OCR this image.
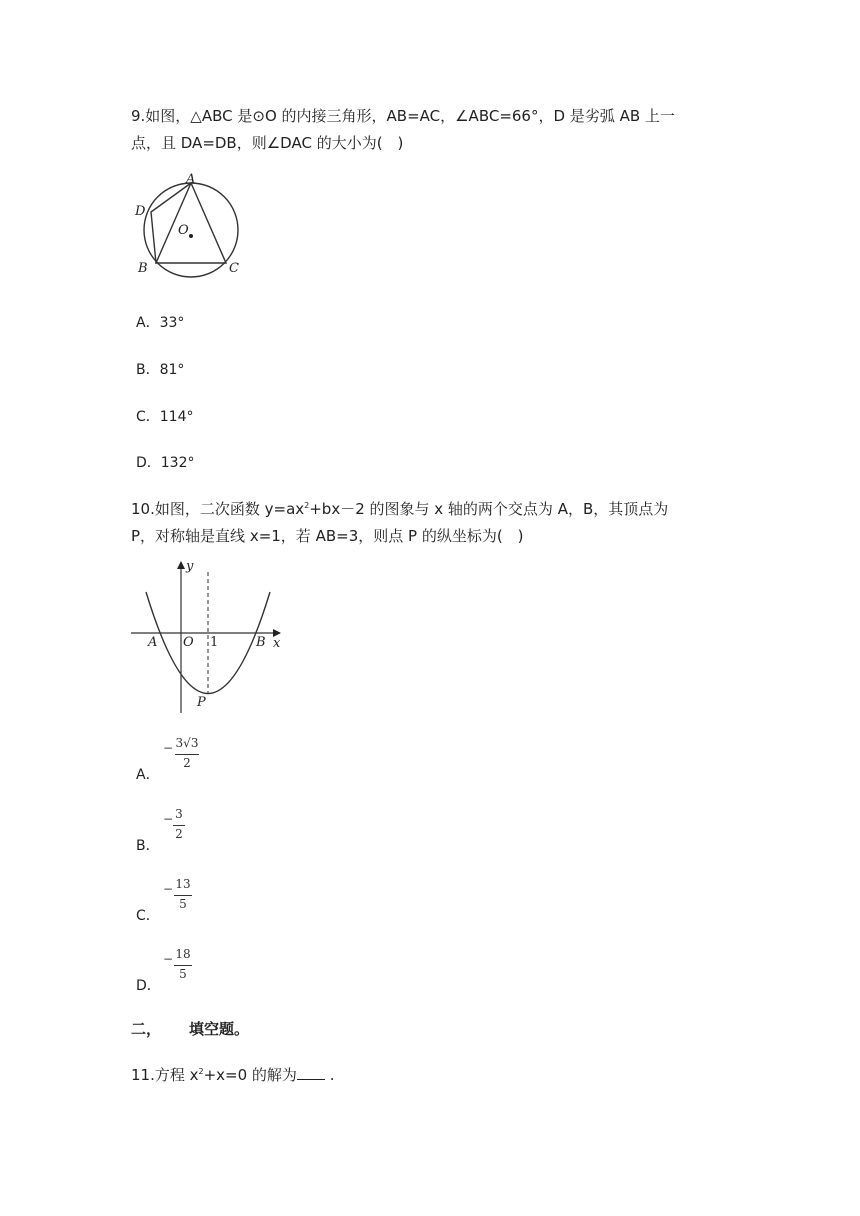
9.如图，△ABC 是⊙O 的内接三角形，AB=AC，∠ABC=66°，D 是劣弧 AB 上一
点，且 DA=DB，则∠DAC 的大小为(　)
A
D
O
B	C
A．33°
B．81°
C．114°
D．132°
10.如图，二次函数 $y=ax^2+bx-2$ 的图象与 x 轴的两个交点为 A，B，其顶点为
P，对称轴是直线 x=1，若 AB=3，则点 P 的纵坐标为(　)
y
x
A O 1	B
P
A．
− 3√3
2
B．
− 3
2
C．
− 13
5
D．
− 18
5
二， 填空题。
11.方程 $x^2+x=0$ 的解为 .
